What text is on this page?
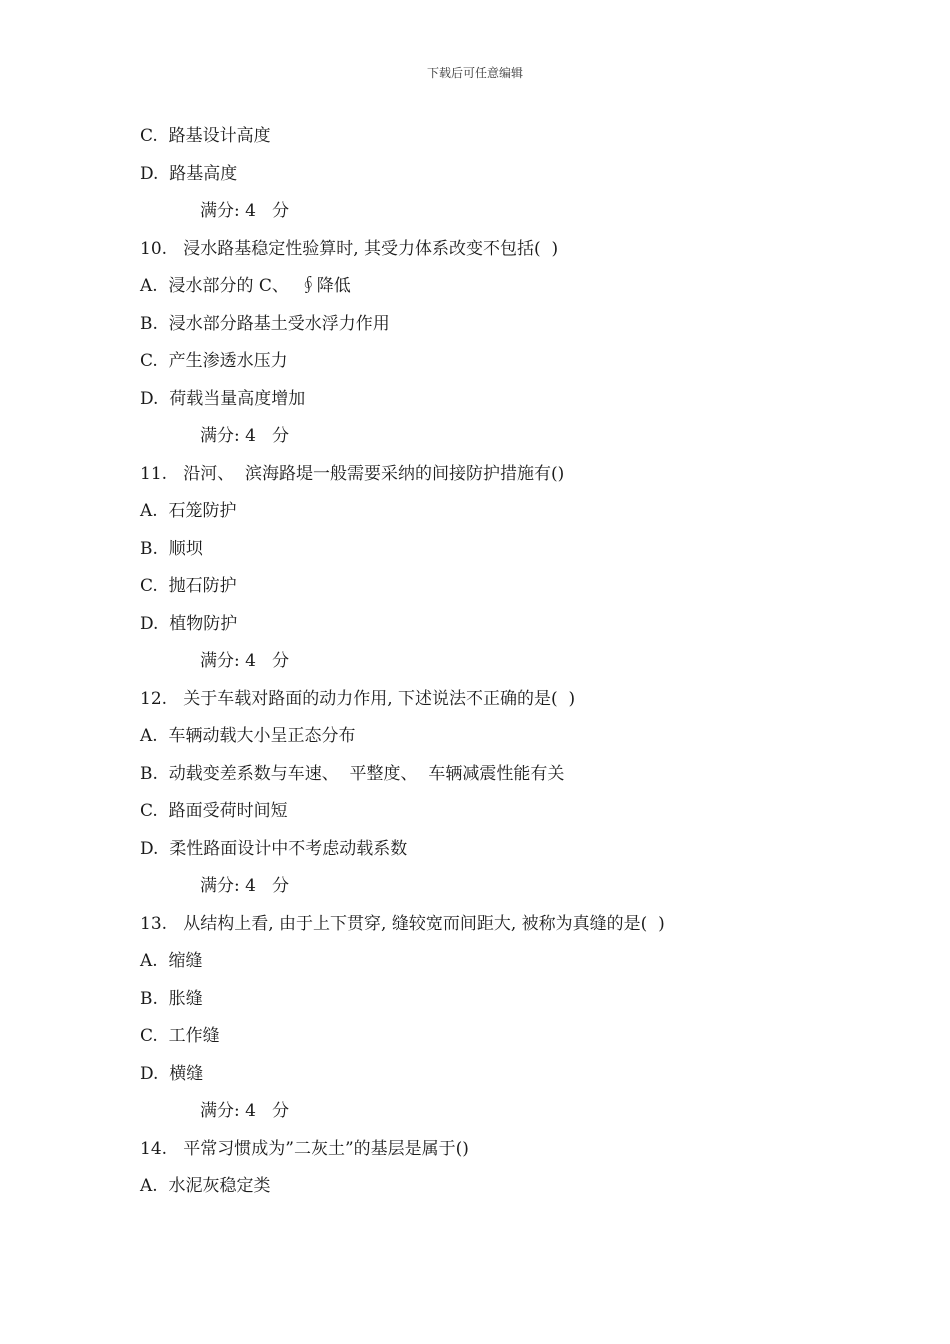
下载后可任意编辑
C.  路基设计高度
D.  路基高度
满分: 4   分
10.   浸水路基稳定性验算时, 其受力体系改变不包括(  )
A.  浸水部分的 C、  ∮降低
B.  浸水部分路基土受水浮力作用
C.  产生渗透水压力
D.  荷载当量高度增加
满分: 4   分
11.   沿河、  滨海路堤一般需要采纳的间接防护措施有()
A.  石笼防护
B.  顺坝
C.  抛石防护
D.  植物防护
满分: 4   分
12.   关于车载对路面的动力作用, 下述说法不正确的是(  )
A.  车辆动载大小呈正态分布
B.  动载变差系数与车速、  平整度、  车辆减震性能有关
C.  路面受荷时间短
D.  柔性路面设计中不考虑动载系数
满分: 4   分
13.   从结构上看, 由于上下贯穿, 缝较宽而间距大, 被称为真缝的是(  )
A.  缩缝
B.  胀缝
C.  工作缝
D.  横缝
满分: 4   分
14.   平常习惯成为”二灰土”的基层是属于()
A.  水泥灰稳定类
